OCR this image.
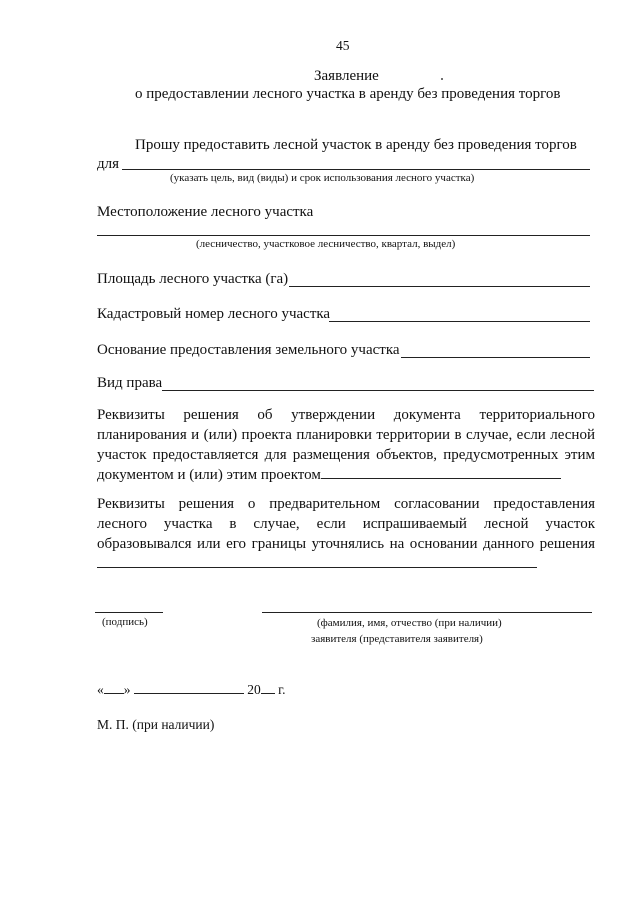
45
Заявление
о предоставлении лесного участка в аренду без проведения торгов
Прошу предоставить лесной участок в аренду без проведения торгов
для
(указать цель, вид (виды) и срок использования лесного участка)
Местоположение лесного участка
(лесничество, участковое лесничество, квартал, выдел)
Площадь лесного участка (га)
Кадастровый номер лесного участка
Основание предоставления земельного участка
Вид права

Реквизиты решения об утверждении документа территориального планирования и (или) проекта планировки территории в случае, если лесной участок предоставляется для размещения объектов, предусмотренных этим документом и (или) этим проектом

Реквизиты решения о предварительном согласовании предоставления лесного участка в случае, если испрашиваемый лесной участок образовывался или его границы уточнялись на основании данного решения

(подпись)	(фамилия, имя, отчество (при наличии)
заявителя (представителя заявителя)
« »	20 г.
М. П. (при наличии)
